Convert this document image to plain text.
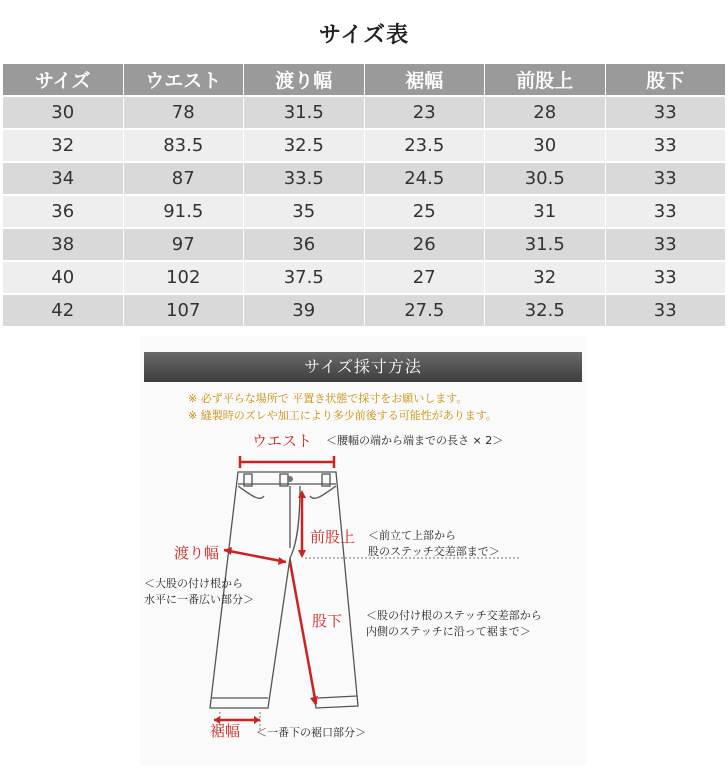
サイズ表
サイズ	ウエスト	渡り幅	裾幅	前股上	股下
30	78	31.5	23	28	33
32	83.5	32.5	23.5	30	33
34	87	33.5	24.5	30.5	33
36	91.5	35	25	31	33
38	97	36	26	31.5	33
40	102	37.5	27	32	33
42	107	39	27.5	32.5	33
サイズ採寸方法
※ 必ず平らな場所で 平置き状態で採寸をお願いします。
※ 縫製時のズレや加工により多少前後する可能性があります。
ウエスト ＜腰幅の端から端までの長さ × 2＞
前股上 ＜前立て上部から
股のステッチ交差部まで＞
渡り幅
＜大股の付け根から
水平に一番広い部分＞
股下 ＜股の付け根のステッチ交差部から
内側のステッチに沿って裾まで＞
裾幅 ＜一番下の裾口部分＞
